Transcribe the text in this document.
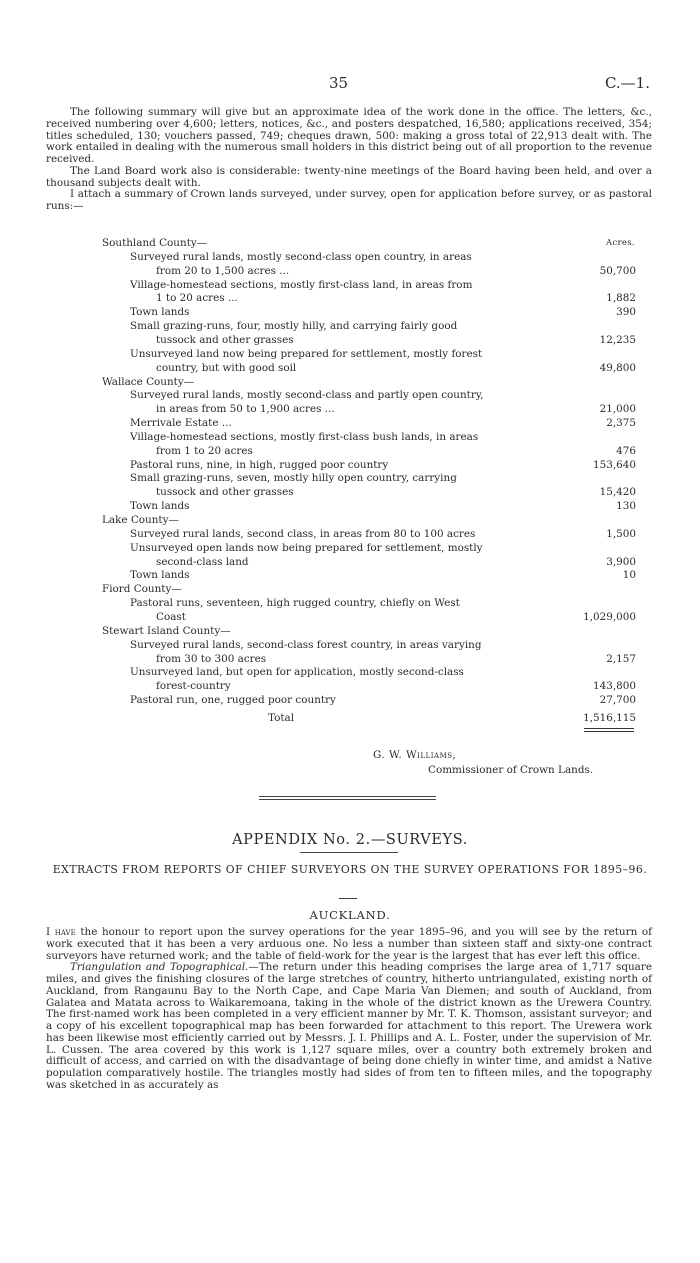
35	C.—1.

The following summary will give but an approximate idea of the work done in the office. The letters, &c., received numbering over 4,600; letters, notices, &c., and posters despatched, 16,580; applications received, 354; titles scheduled, 130; vouchers passed, 749; cheques drawn, 500: making a gross total of 22,913 dealt with. The work entailed in dealing with the numerous small holders in this district being out of all proportion to the revenue received.

The Land Board work also is considerable: twenty-nine meetings of the Board having been held, and over a thousand subjects dealt with.

I attach a summary of Crown lands surveyed, under survey, open for application before survey, or as pastoral runs:—

Acres.
Southland County—
Surveyed rural lands, mostly second-class open country, in areas
from 20 to 1,500 acres ...	50,700
Village-homestead sections, mostly first-class land, in areas from
1 to 20 acres ...	1,882
Town lands	390
Small grazing-runs, four, mostly hilly, and carrying fairly good
tussock and other grasses	12,235
Unsurveyed land now being prepared for settlement, mostly forest
country, but with good soil	49,800
Wallace County—
Surveyed rural lands, mostly second-class and partly open country,
in areas from 50 to 1,900 acres ...	21,000
Merrivale Estate ...	2,375
Village-homestead sections, mostly first-class bush lands, in areas
from 1 to 20 acres	476
Pastoral runs, nine, in high, rugged poor country	153,640
Small grazing-runs, seven, mostly hilly open country, carrying
tussock and other grasses	15,420
Town lands	130
Lake County—
Surveyed rural lands, second class, in areas from 80 to 100 acres	1,500
Unsurveyed open lands now being prepared for settlement, mostly
second-class land	3,900
Town lands	10
Fiord County—
Pastoral runs, seventeen, high rugged country, chiefly on West
Coast	1,029,000
Stewart Island County—
Surveyed rural lands, second-class forest country, in areas varying
from 30 to 300 acres	2,157
Unsurveyed land, but open for application, mostly second-class
forest-country	143,800
Pastoral run, one, rugged poor country	27,700
Total	1,516,115
G. W. Williams,
Commissioner of Crown Lands.
APPENDIX No. 2.—SURVEYS.
EXTRACTS FROM REPORTS OF CHIEF SURVEYORS ON THE SURVEY OPERATIONS FOR 1895–96.
AUCKLAND.

I have the honour to report upon the survey operations for the year 1895–96, and you will see by the return of work executed that it has been a very arduous one. No less a number than sixteen staff and sixty-one contract surveyors have returned work; and the table of field-work for the year is the largest that has ever left this office.

Triangulation and Topographical.—The return under this heading comprises the large area of 1,717 square miles, and gives the finishing closures of the large stretches of country, hitherto untriangulated, existing north of Auckland, from Rangaunu Bay to the North Cape, and Cape Maria Van Diemen; and south of Auckland, from Galatea and Matata across to Waikaremoana, taking in the whole of the district known as the Urewera Country. The first-named work has been completed in a very efficient manner by Mr. T. K. Thomson, assistant surveyor; and a copy of his excellent topographical map has been forwarded for attachment to this report. The Urewera work has been likewise most efficiently carried out by Messrs. J. I. Phillips and A. L. Foster, under the supervision of Mr. L. Cussen. The area covered by this work is 1,127 square miles, over a country both extremely broken and difficult of access, and carried on with the disadvantage of being done chiefly in winter time, and amidst a Native population comparatively hostile. The triangles mostly had sides of from ten to fifteen miles, and the topography was sketched in as accurately as
